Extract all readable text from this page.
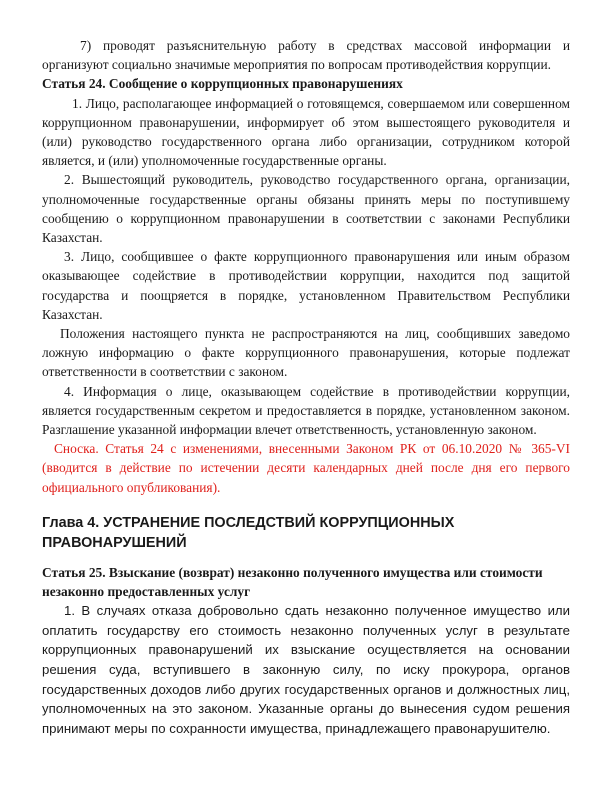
7) проводят разъяснительную работу в средствах массовой информации и организуют социально значимые мероприятия по вопросам противодействия коррупции.

Статья 24. Сообщение о коррупционных правонарушениях

1. Лицо, располагающее информацией о готовящемся, совершаемом или совершенном коррупционном правонарушении, информирует об этом вышестоящего руководителя и (или) руководство государственного органа либо организации, сотрудником которой является, и (или) уполномоченные государственные органы.

2. Вышестоящий руководитель, руководство государственного органа, организации, уполномоченные государственные органы обязаны принять меры по поступившему сообщению о коррупционном правонарушении в соответствии с законами Республики Казахстан.

3. Лицо, сообщившее о факте коррупционного правонарушения или иным образом оказывающее содействие в противодействии коррупции, находится под защитой государства и поощряется в порядке, установленном Правительством Республики Казахстан.

Положения настоящего пункта не распространяются на лиц, сообщивших заведомо ложную информацию о факте коррупционного правонарушения, которые подлежат ответственности в соответствии с законом.

4. Информация о лице, оказывающем содействие в противодействии коррупции, является государственным секретом и предоставляется в порядке, установленном законом. Разглашение указанной информации влечет ответственность, установленную законом.

Сноска. Статья 24 с изменениями, внесенными Законом РК от 06.10.2020 № 365-VI (вводится в действие по истечении десяти календарных дней после дня его первого официального опубликования).

Глава 4. УСТРАНЕНИЕ ПОСЛЕДСТВИЙ КОРРУПЦИОННЫХ ПРАВОНАРУШЕНИЙ

Статья 25. Взыскание (возврат) незаконно полученного имущества или стоимости незаконно предоставленных услуг

1. В случаях отказа добровольно сдать незаконно полученное имущество или оплатить государству его стоимость незаконно полученных услуг в результате коррупционных правонарушений их взыскание осуществляется на основании решения суда, вступившего в законную силу, по иску прокурора, органов государственных доходов либо других государственных органов и должностных лиц, уполномоченных на это законом. Указанные органы до вынесения судом решения принимают меры по сохранности имущества, принадлежащего правонарушителю.
